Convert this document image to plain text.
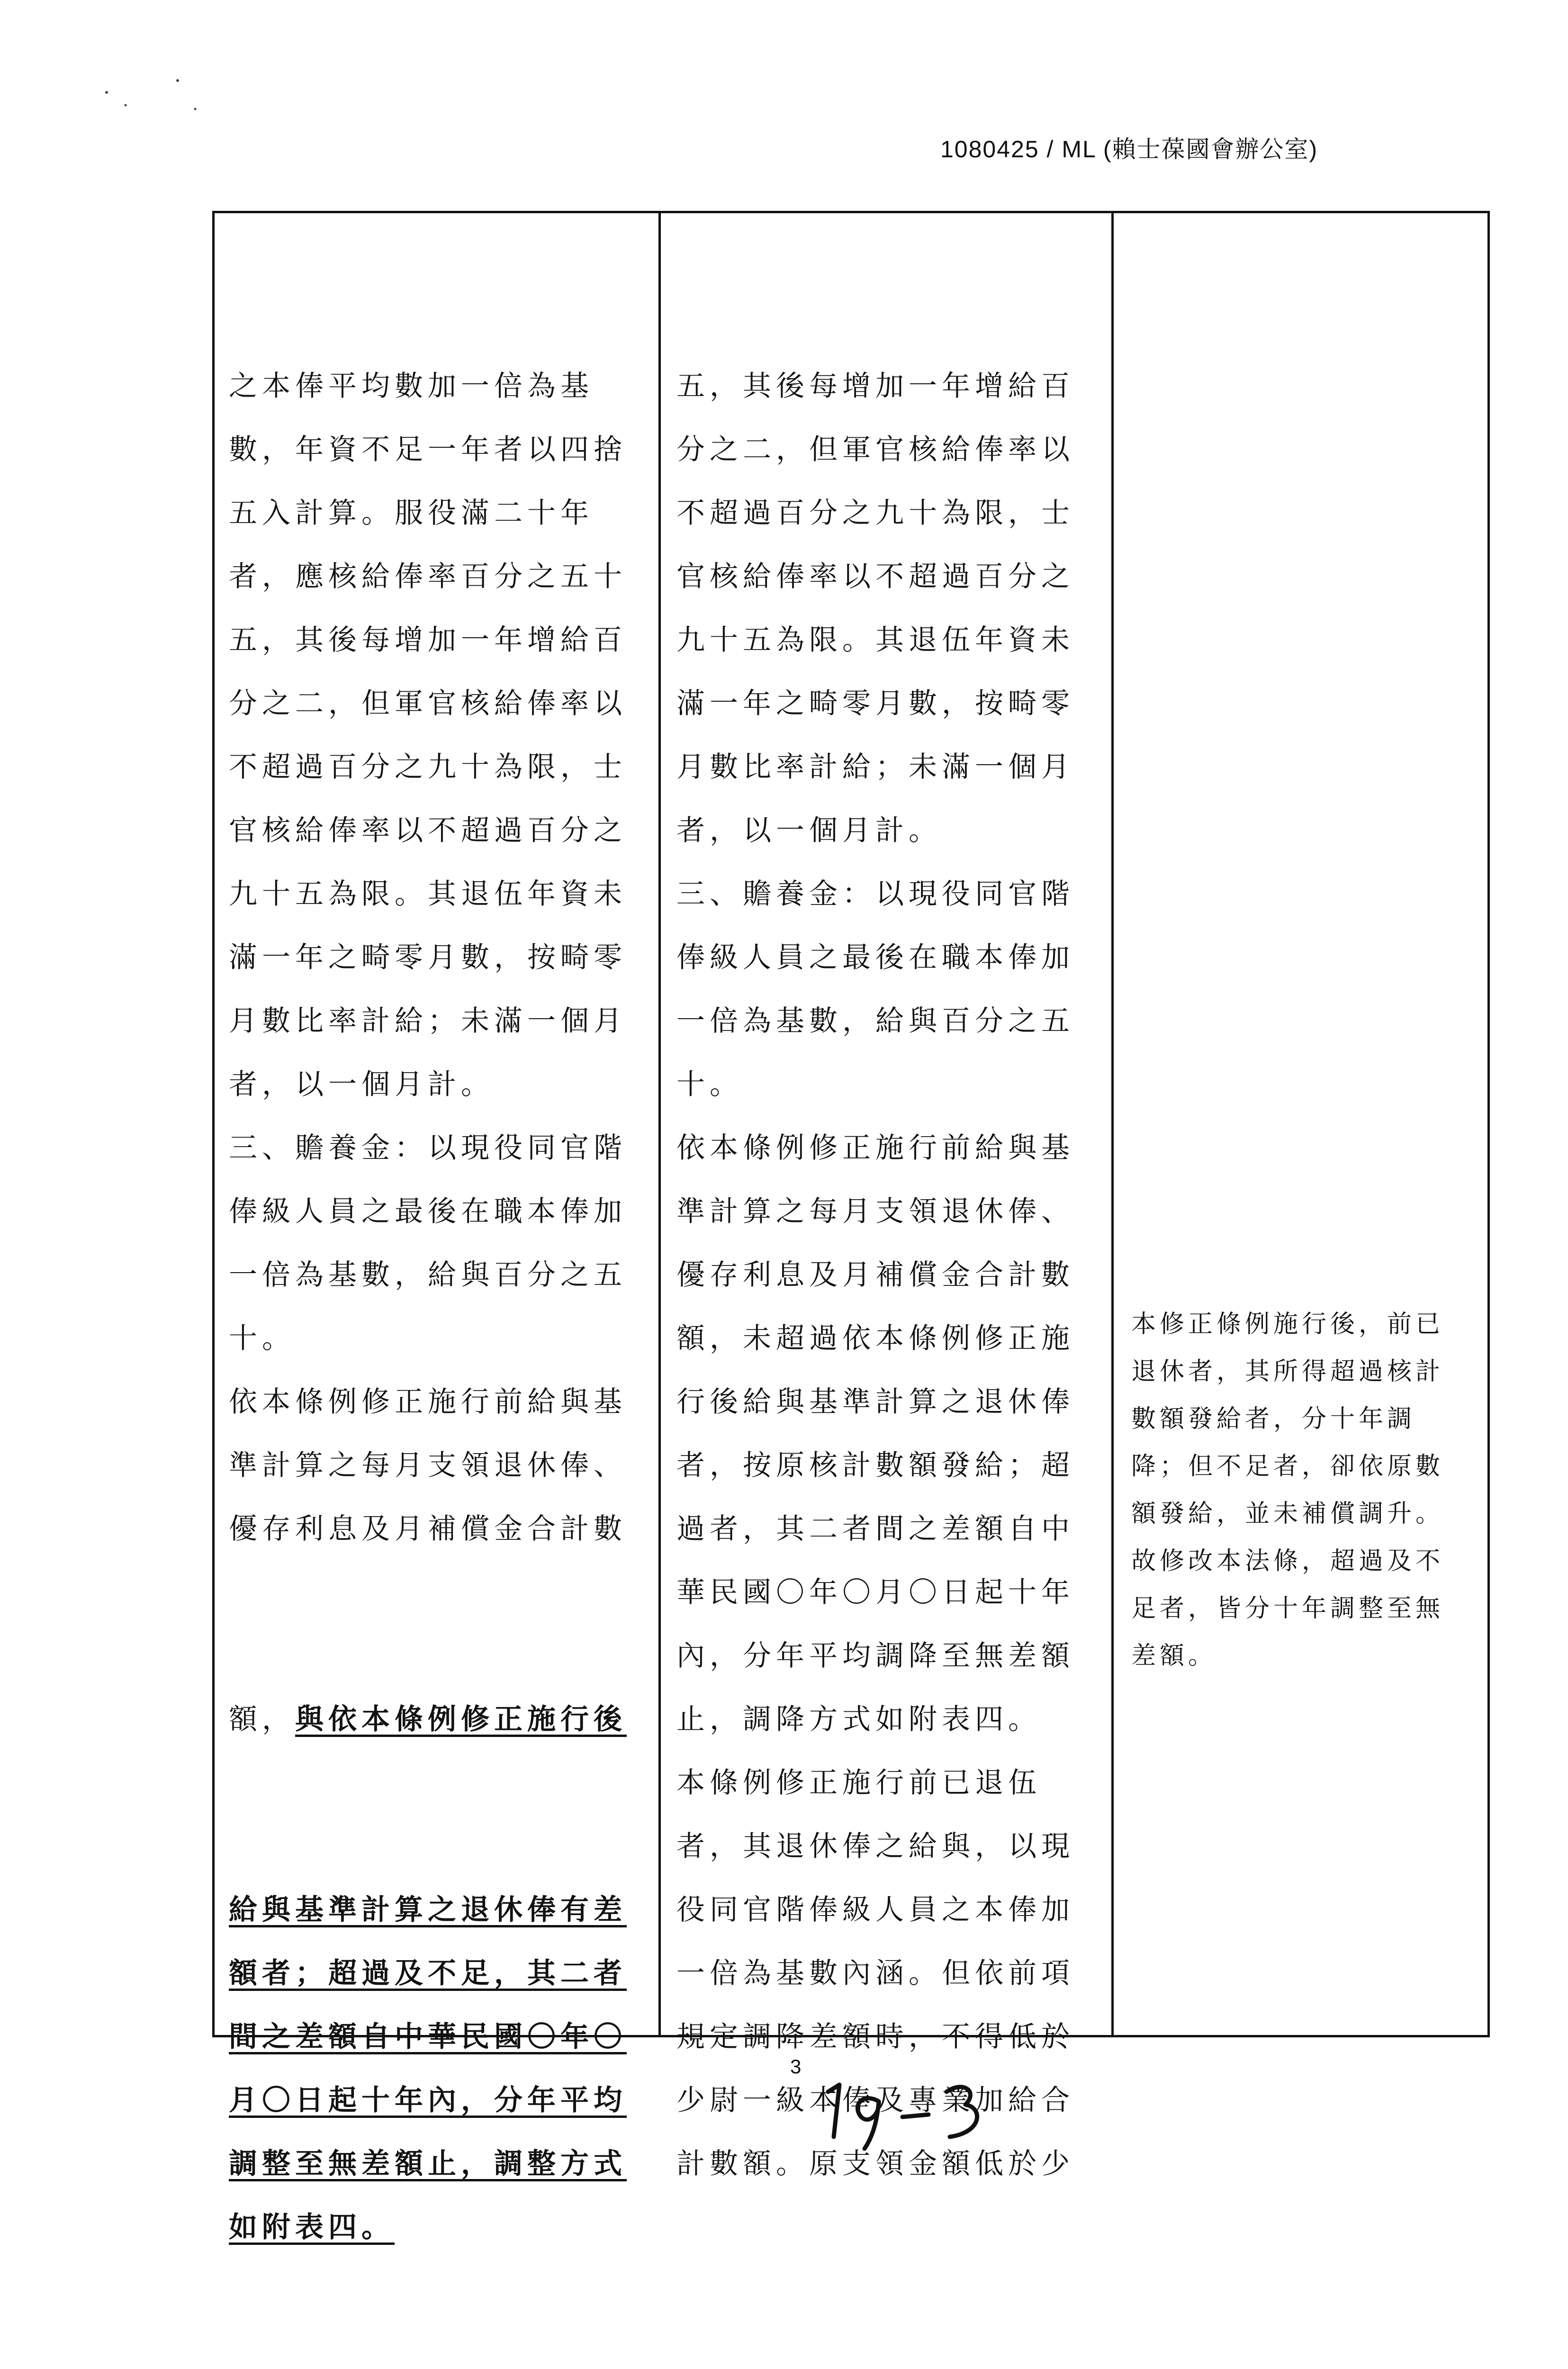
1080425 / ML (賴士葆國會辦公室)

之本俸平均數加一倍為基
數，年資不足一年者以四捨
五入計算。服役滿二十年
者，應核給俸率百分之五十
五，其後每增加一年增給百
分之二，但軍官核給俸率以
不超過百分之九十為限，士
官核給俸率以不超過百分之
九十五為限。其退伍年資未
滿一年之畸零月數，按畸零
月數比率計給；未滿一個月
者，以一個月計。
三、贍養金：以現役同官階
俸級人員之最後在職本俸加
一倍為基數，給與百分之五
十。
依本條例修正施行前給與基
準計算之每月支領退休俸、
優存利息及月補償金合計數

額，與依本條例修正施行後

給與基準計算之退休俸有差
額者；超過及不足，其二者
間之差額自中華民國〇年〇
月〇日起十年內，分年平均
調整至無差額止，調整方式
如附表四。

五，其後每增加一年增給百
分之二，但軍官核給俸率以
不超過百分之九十為限，士
官核給俸率以不超過百分之
九十五為限。其退伍年資未
滿一年之畸零月數，按畸零
月數比率計給；未滿一個月
者，以一個月計。
三、贍養金：以現役同官階
俸級人員之最後在職本俸加
一倍為基數，給與百分之五
十。
依本條例修正施行前給與基
準計算之每月支領退休俸、
優存利息及月補償金合計數
額，未超過依本條例修正施
行後給與基準計算之退休俸
者，按原核計數額發給；超
過者，其二者間之差額自中
華民國〇年〇月〇日起十年
內，分年平均調降至無差額
止，調降方式如附表四。
本條例修正施行前已退伍
者，其退休俸之給與，以現
役同官階俸級人員之本俸加
一倍為基數內涵。但依前項
規定調降差額時，不得低於
少尉一級本俸及專業加給合
計數額。原支領金額低於少

本修正條例施行後，前已
退休者，其所得超過核計
數額發給者，分十年調
降；但不足者，卻依原數
額發給，並未補償調升。
故修改本法條，超過及不
足者，皆分十年調整至無
差額。

3
